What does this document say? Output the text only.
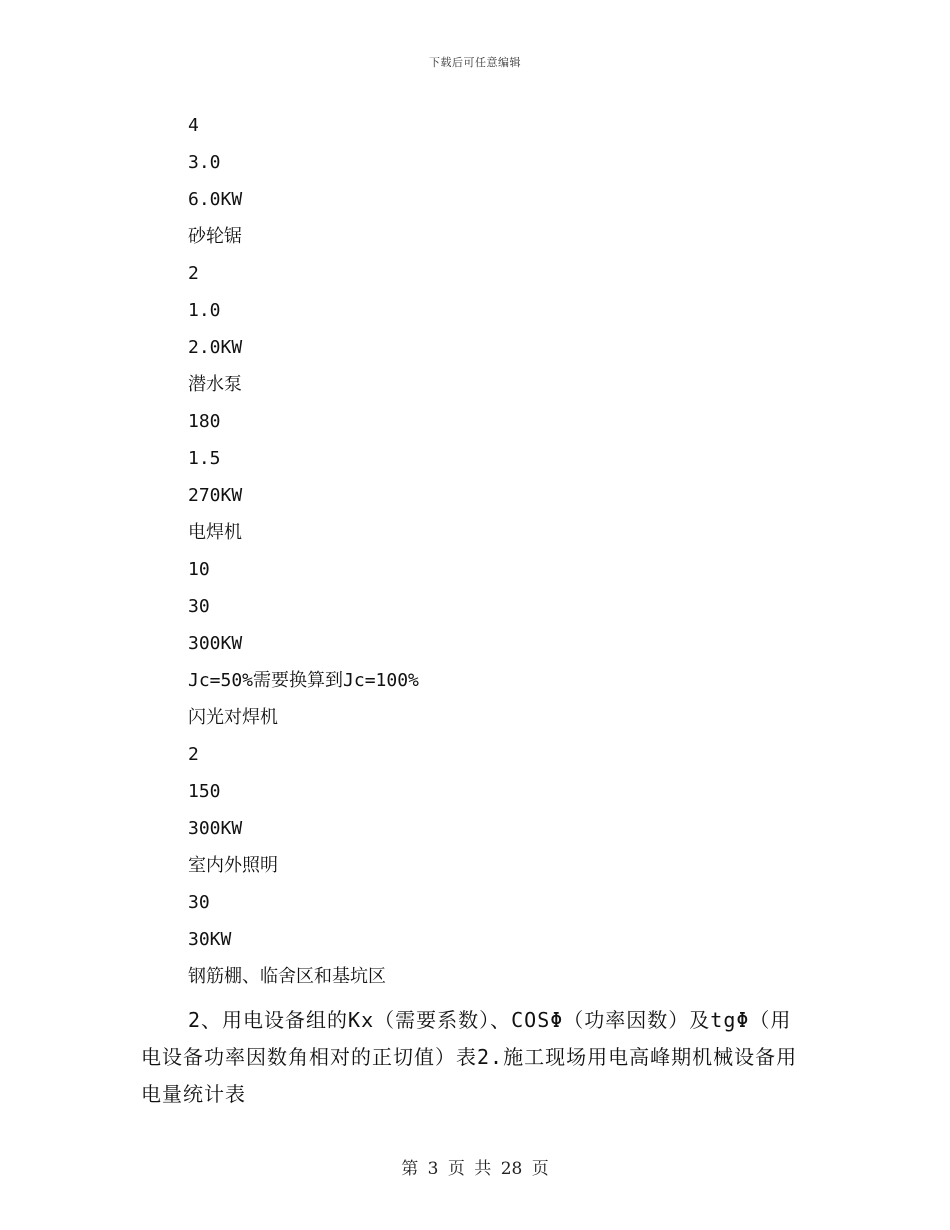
下载后可任意编辑
4
3.0
6.0KW
砂轮锯
2
1.0
2.0KW
潜水泵
180
1.5
270KW
电焊机
10
30
300KW
Jc=50%需要换算到Jc=100%
闪光对焊机
2
150
300KW
室内外照明
30
30KW
钢筋棚、临舍区和基坑区

2、用电设备组的Kx（需要系数）、COSΦ（功率因数）及tgΦ（用电设备功率因数角相对的正切值）表2.施工现场用电高峰期机械设备用电量统计表

第 3 页 共 28 页
